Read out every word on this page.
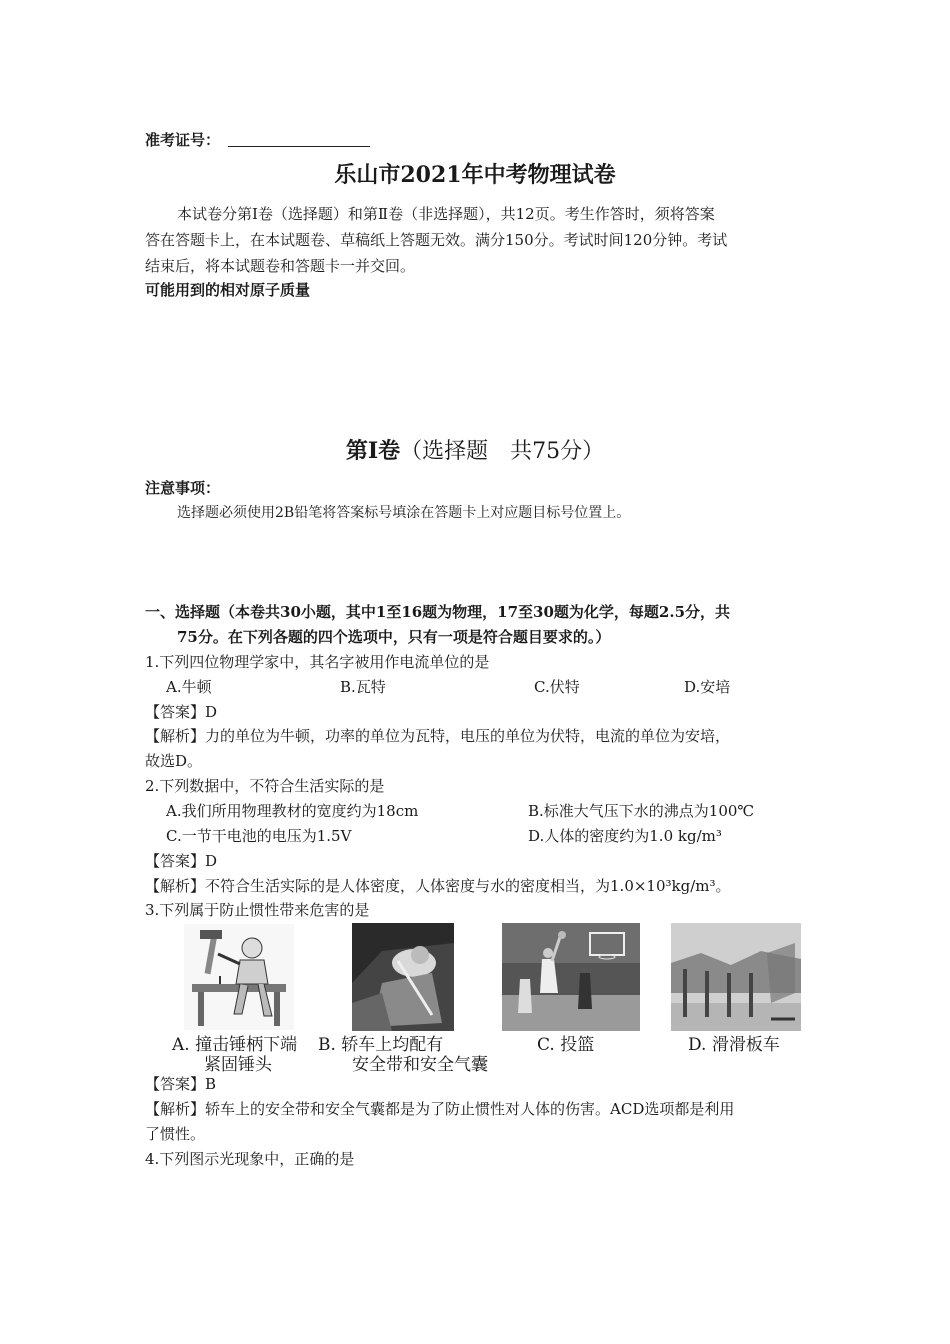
准考证号：
乐山市2021年中考物理试卷
本试卷分第Ⅰ卷（选择题）和第Ⅱ卷（非选择题），共12页。考生作答时，须将答案
答在答题卡上，在本试题卷、草稿纸上答题无效。满分150分。考试时间120分钟。考试
结束后，将本试题卷和答题卡一并交回。
可能用到的相对原子质量
第Ⅰ卷（选择题　共75分）
注意事项：
选择题必须使用2B铅笔将答案标号填涂在答题卡上对应题目标号位置上。
一、选择题（本卷共30小题，其中1至16题为物理，17至30题为化学，每题2.5分，共
75分。在下列各题的四个选项中，只有一项是符合题目要求的。）
1.下列四位物理学家中，其名字被用作电流单位的是
A.牛顿	B.瓦特	C.伏特	D.安培
【答案】D
【解析】力的单位为牛顿，功率的单位为瓦特，电压的单位为伏特，电流的单位为安培，
故选D。
2.下列数据中，不符合生活实际的是
A.我们所用物理教材的宽度约为18cm	B.标准大气压下水的沸点为100℃
C.一节干电池的电压为1.5V	D.人体的密度约为1.0 kg/m³
【答案】D
【解析】不符合生活实际的是人体密度，人体密度与水的密度相当，为1.0×10³kg/m³。
3.下列属于防止惯性带来危害的是
A. 撞击锤柄下端
紧固锤头
B. 轿车上均配有
安全带和安全气囊
C. 投篮	D. 滑滑板车
【答案】B
【解析】轿车上的安全带和安全气囊都是为了防止惯性对人体的伤害。ACD选项都是利用
了惯性。
4.下列图示光现象中，正确的是
